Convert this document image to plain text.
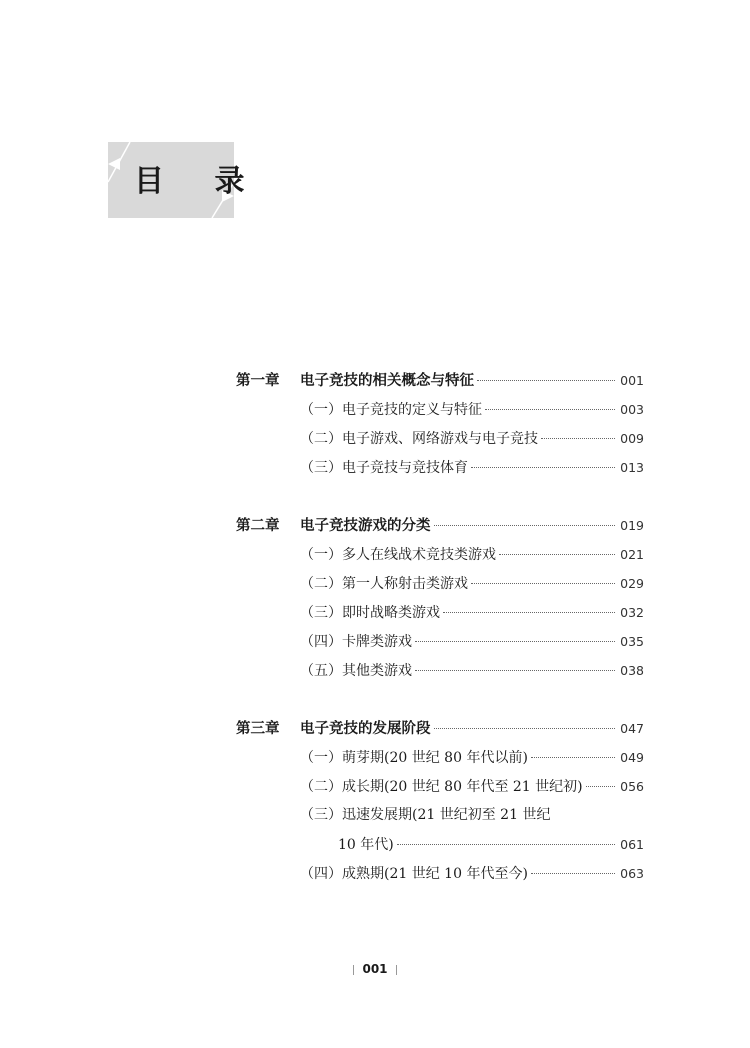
目 录
第一章	电子竞技的相关概念与特征	001
（一）电子竞技的定义与特征	003
（二）电子游戏、网络游戏与电子竞技	009
（三）电子竞技与竞技体育	013
第二章	电子竞技游戏的分类	019
（一）多人在线战术竞技类游戏	021
（二）第一人称射击类游戏	029
（三）即时战略类游戏	032
（四）卡牌类游戏	035
（五）其他类游戏	038
第三章	电子竞技的发展阶段	047
（一）萌芽期(20 世纪 80 年代以前)	049
（二）成长期(20 世纪 80 年代至 21 世纪初)	056
（三）迅速发展期(21 世纪初至 21 世纪
10 年代)	061
（四）成熟期(21 世纪 10 年代至今)	063
001
